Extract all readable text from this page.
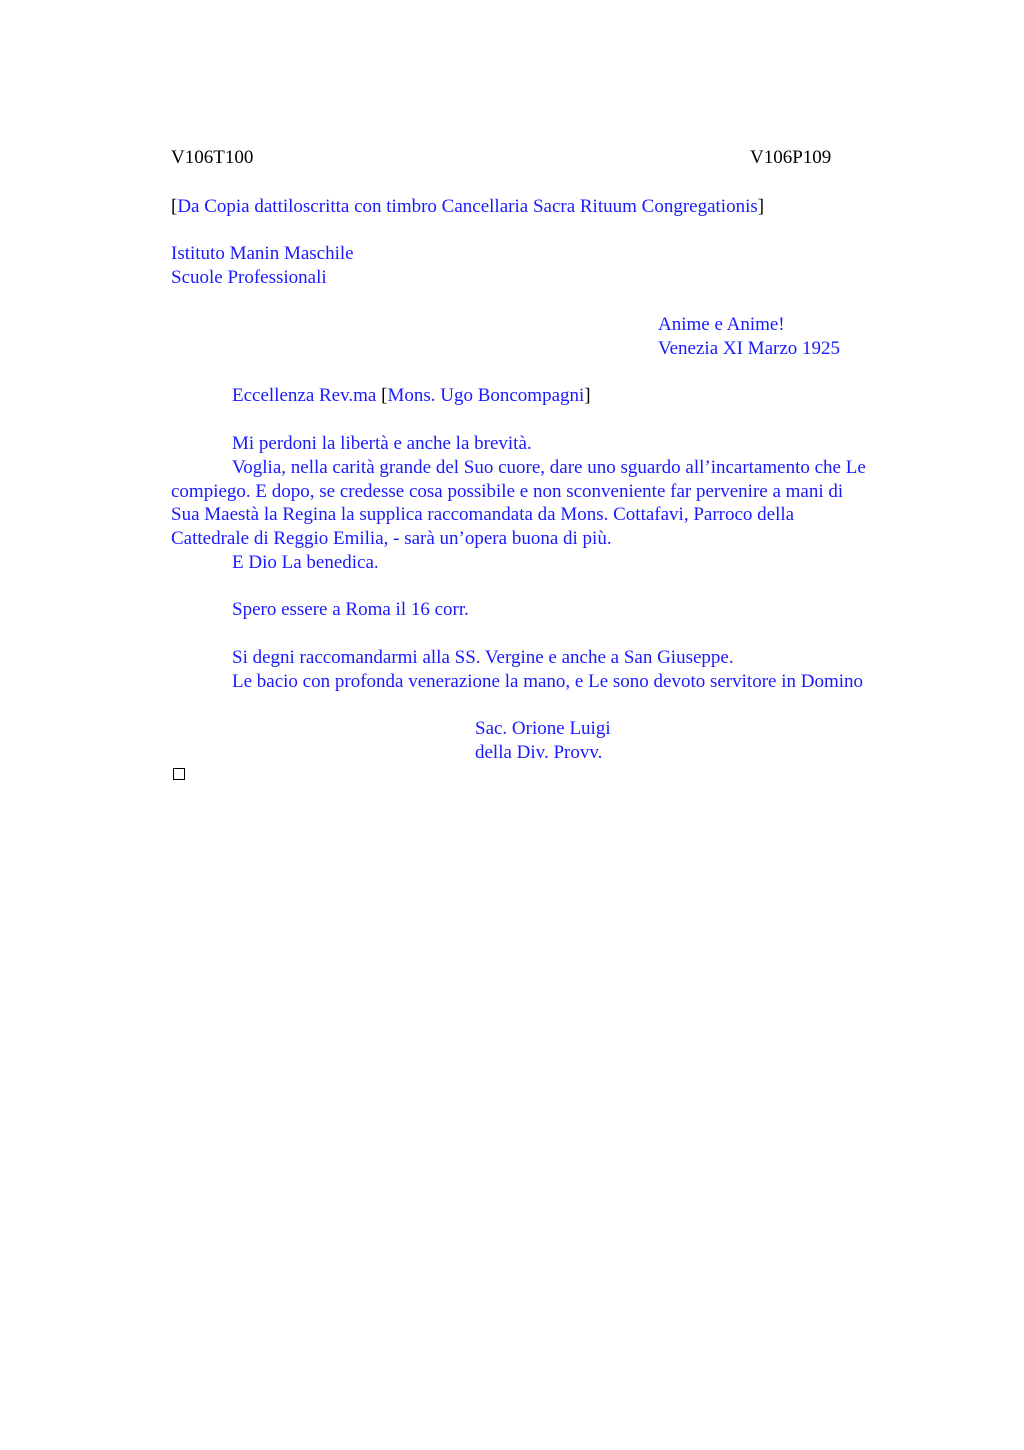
V106T100	V106P109
[Da Copia dattiloscritta con timbro Cancellaria Sacra Rituum Congregationis]
Istituto Manin Maschile
Scuole Professionali
Anime e Anime!
Venezia XI Marzo 1925
Eccellenza Rev.ma [Mons. Ugo Boncompagni]
Mi perdoni la libertà e anche la brevità.
Voglia, nella carità grande del Suo cuore, dare uno sguardo all’incartamento che Le
compiego. E dopo, se credesse cosa possibile e non sconveniente far pervenire a mani di
Sua Maestà la Regina la supplica raccomandata da Mons. Cottafavi, Parroco della
Cattedrale di Reggio Emilia, - sarà un’opera buona di più.
E Dio La benedica.
Spero essere a Roma il 16 corr.
Si degni raccomandarmi alla SS. Vergine e anche a San Giuseppe.
Le bacio con profonda venerazione la mano, e Le sono devoto servitore in Domino
Sac. Orione Luigi
della Div. Provv.
